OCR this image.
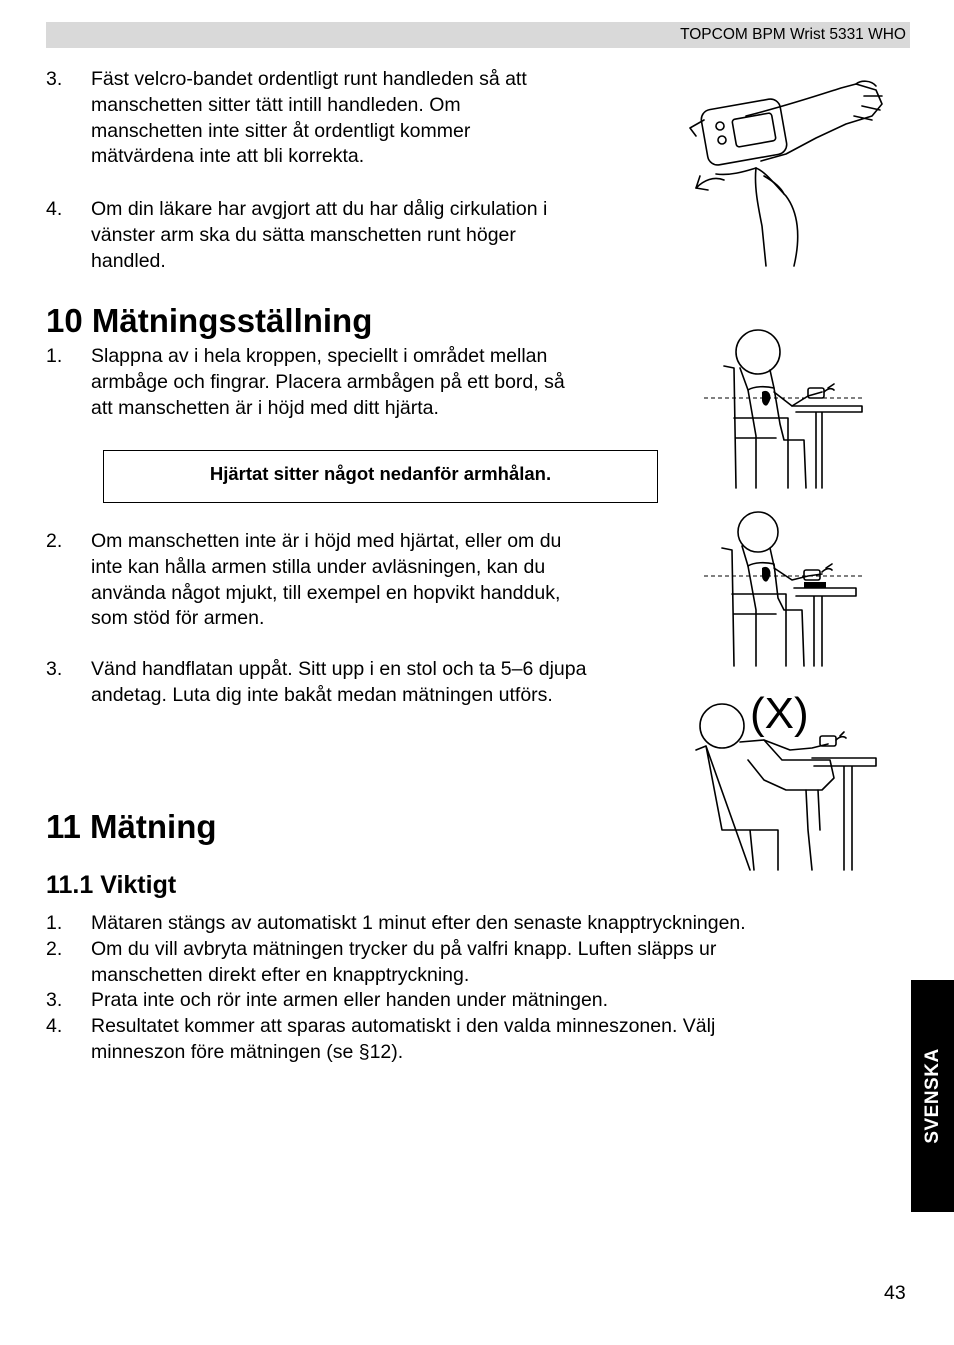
TOPCOM BPM Wrist 5331 WHO
3. Fäst velcro-bandet ordentligt runt handleden så att
manschetten sitter tätt intill handleden. Om
manschetten inte sitter åt ordentligt kommer
mätvärdena inte att bli korrekta.
4. Om din läkare har avgjort att du har dålig cirkulation i
vänster arm ska du sätta manschetten runt höger
handled.
10 Mätningsställning
1. Slappna av i hela kroppen, speciellt i området mellan
armbåge och fingrar. Placera armbågen på ett bord, så
att manschetten är i höjd med ditt hjärta.
Hjärtat sitter något nedanför armhålan.
2. Om manschetten inte är i höjd med hjärtat, eller om du
inte kan hålla armen stilla under avläsningen, kan du
använda något mjukt, till exempel en hopvikt handduk,
som stöd för armen.
3. Vänd handflatan uppåt. Sitt upp i en stol och ta 5–6 djupa
andetag. Luta dig inte bakåt medan mätningen utförs.
11 Mätning
11.1 Viktigt
1. Mätaren stängs av automatiskt 1 minut efter den senaste knapptryckningen.
2. Om du vill avbryta mätningen trycker du på valfri knapp. Luften släpps ur
manschetten direkt efter en knapptryckning.
3. Prata inte och rör inte armen eller handen under mätningen.
4. Resultatet kommer att sparas automatiskt i den valda minneszonen. Välj
minneszon före mätningen (se §12).
(X)
SVENSKA
43
